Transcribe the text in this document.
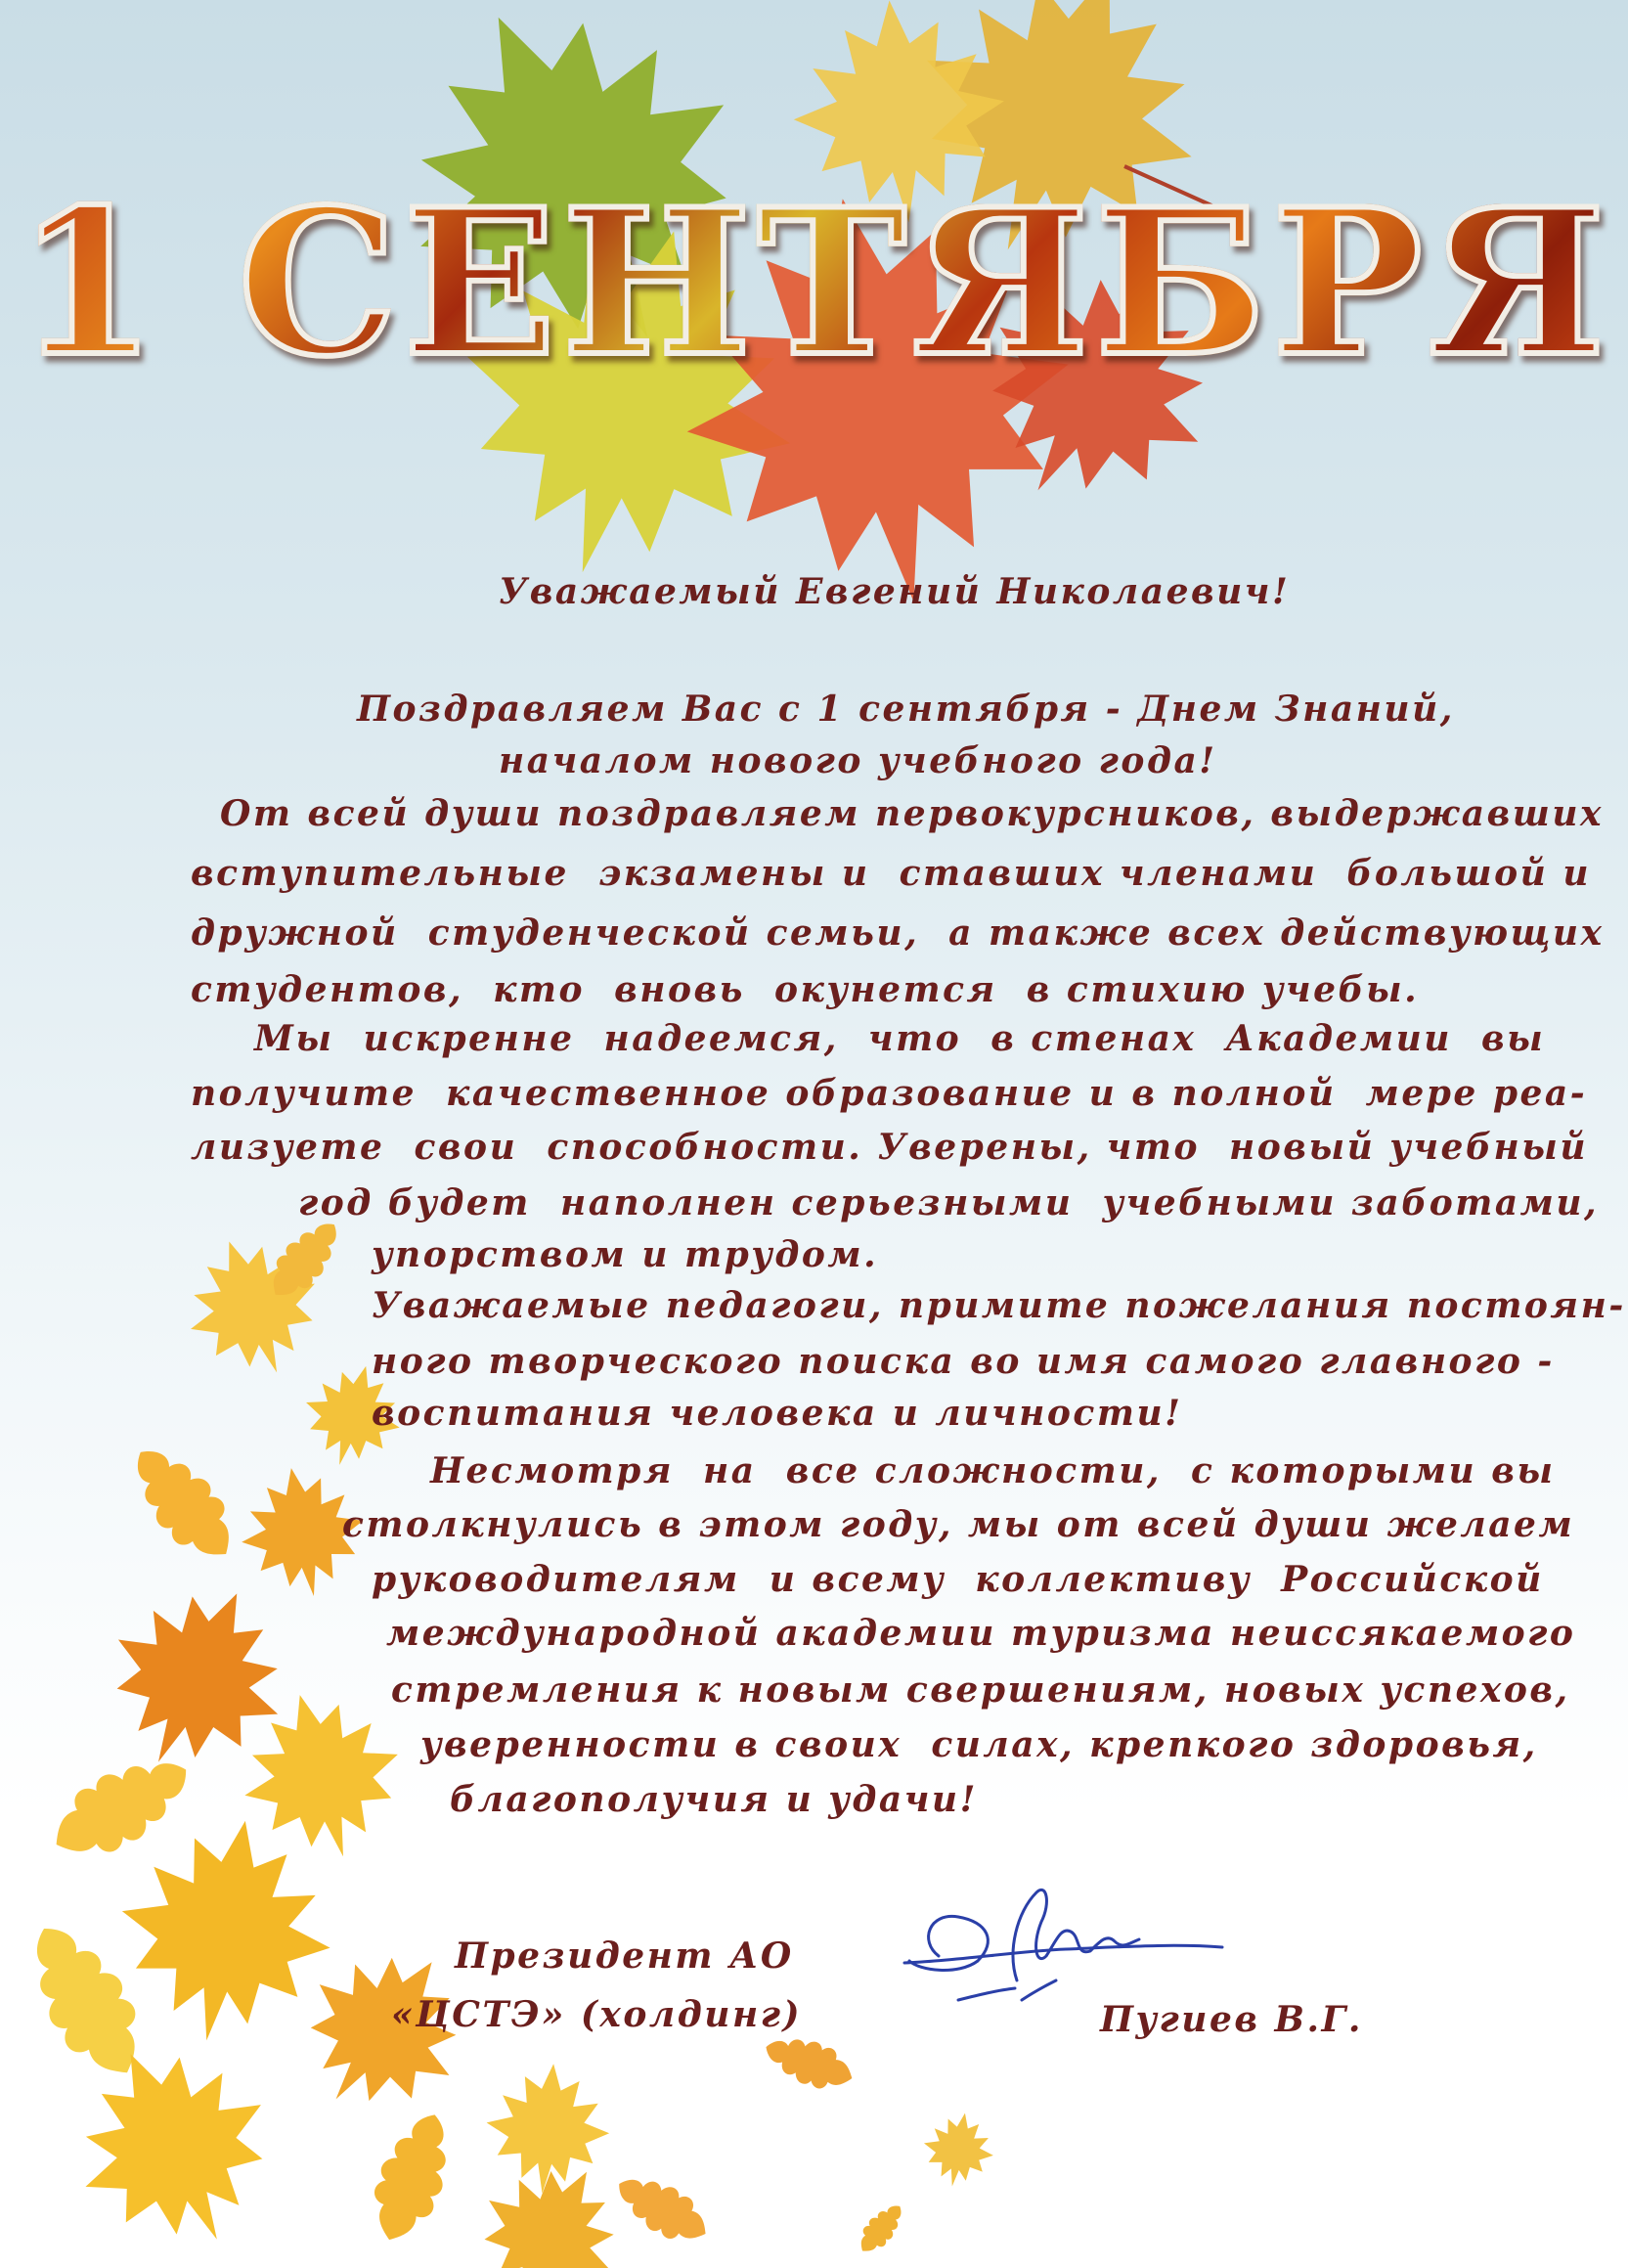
1 СЕНТЯБРЯ
Уважаемый Евгений Николаевич!
Поздравляем Вас с 1 сентября - Днем Знаний,
началом нового учебного года!
От всей души поздравляем первокурсников, выдержавших
вступительные  экзамены и  ставших членами  большой и
дружной  студенческой семьи,  а также всех действующих
студентов,  кто  вновь  окунется  в стихию учебы.
Мы  искренне  надеемся,  что  в стенах  Академии  вы
получите  качественное образование и в полной  мере реа-
лизуете  свои  способности. Уверены, что  новый учебный
год будет  наполнен серьезными  учебными заботами,
упорством и трудом.
Уважаемые педагоги, примите пожелания постоян-
ного творческого поиска во имя самого главного -
воспитания человека и личности!
Несмотря  на  все сложности,  с которыми вы
столкнулись в этом году, мы от всей души желаем
руководителям  и всему  коллективу  Российской
международной академии туризма неиссякаемого
стремления к новым свершениям, новых успехов,
уверенности в своих  силах, крепкого здоровья,
благополучия и удачи!
Президент АО
«ЦСТЭ» (холдинг)	Пугиев В.Г.
